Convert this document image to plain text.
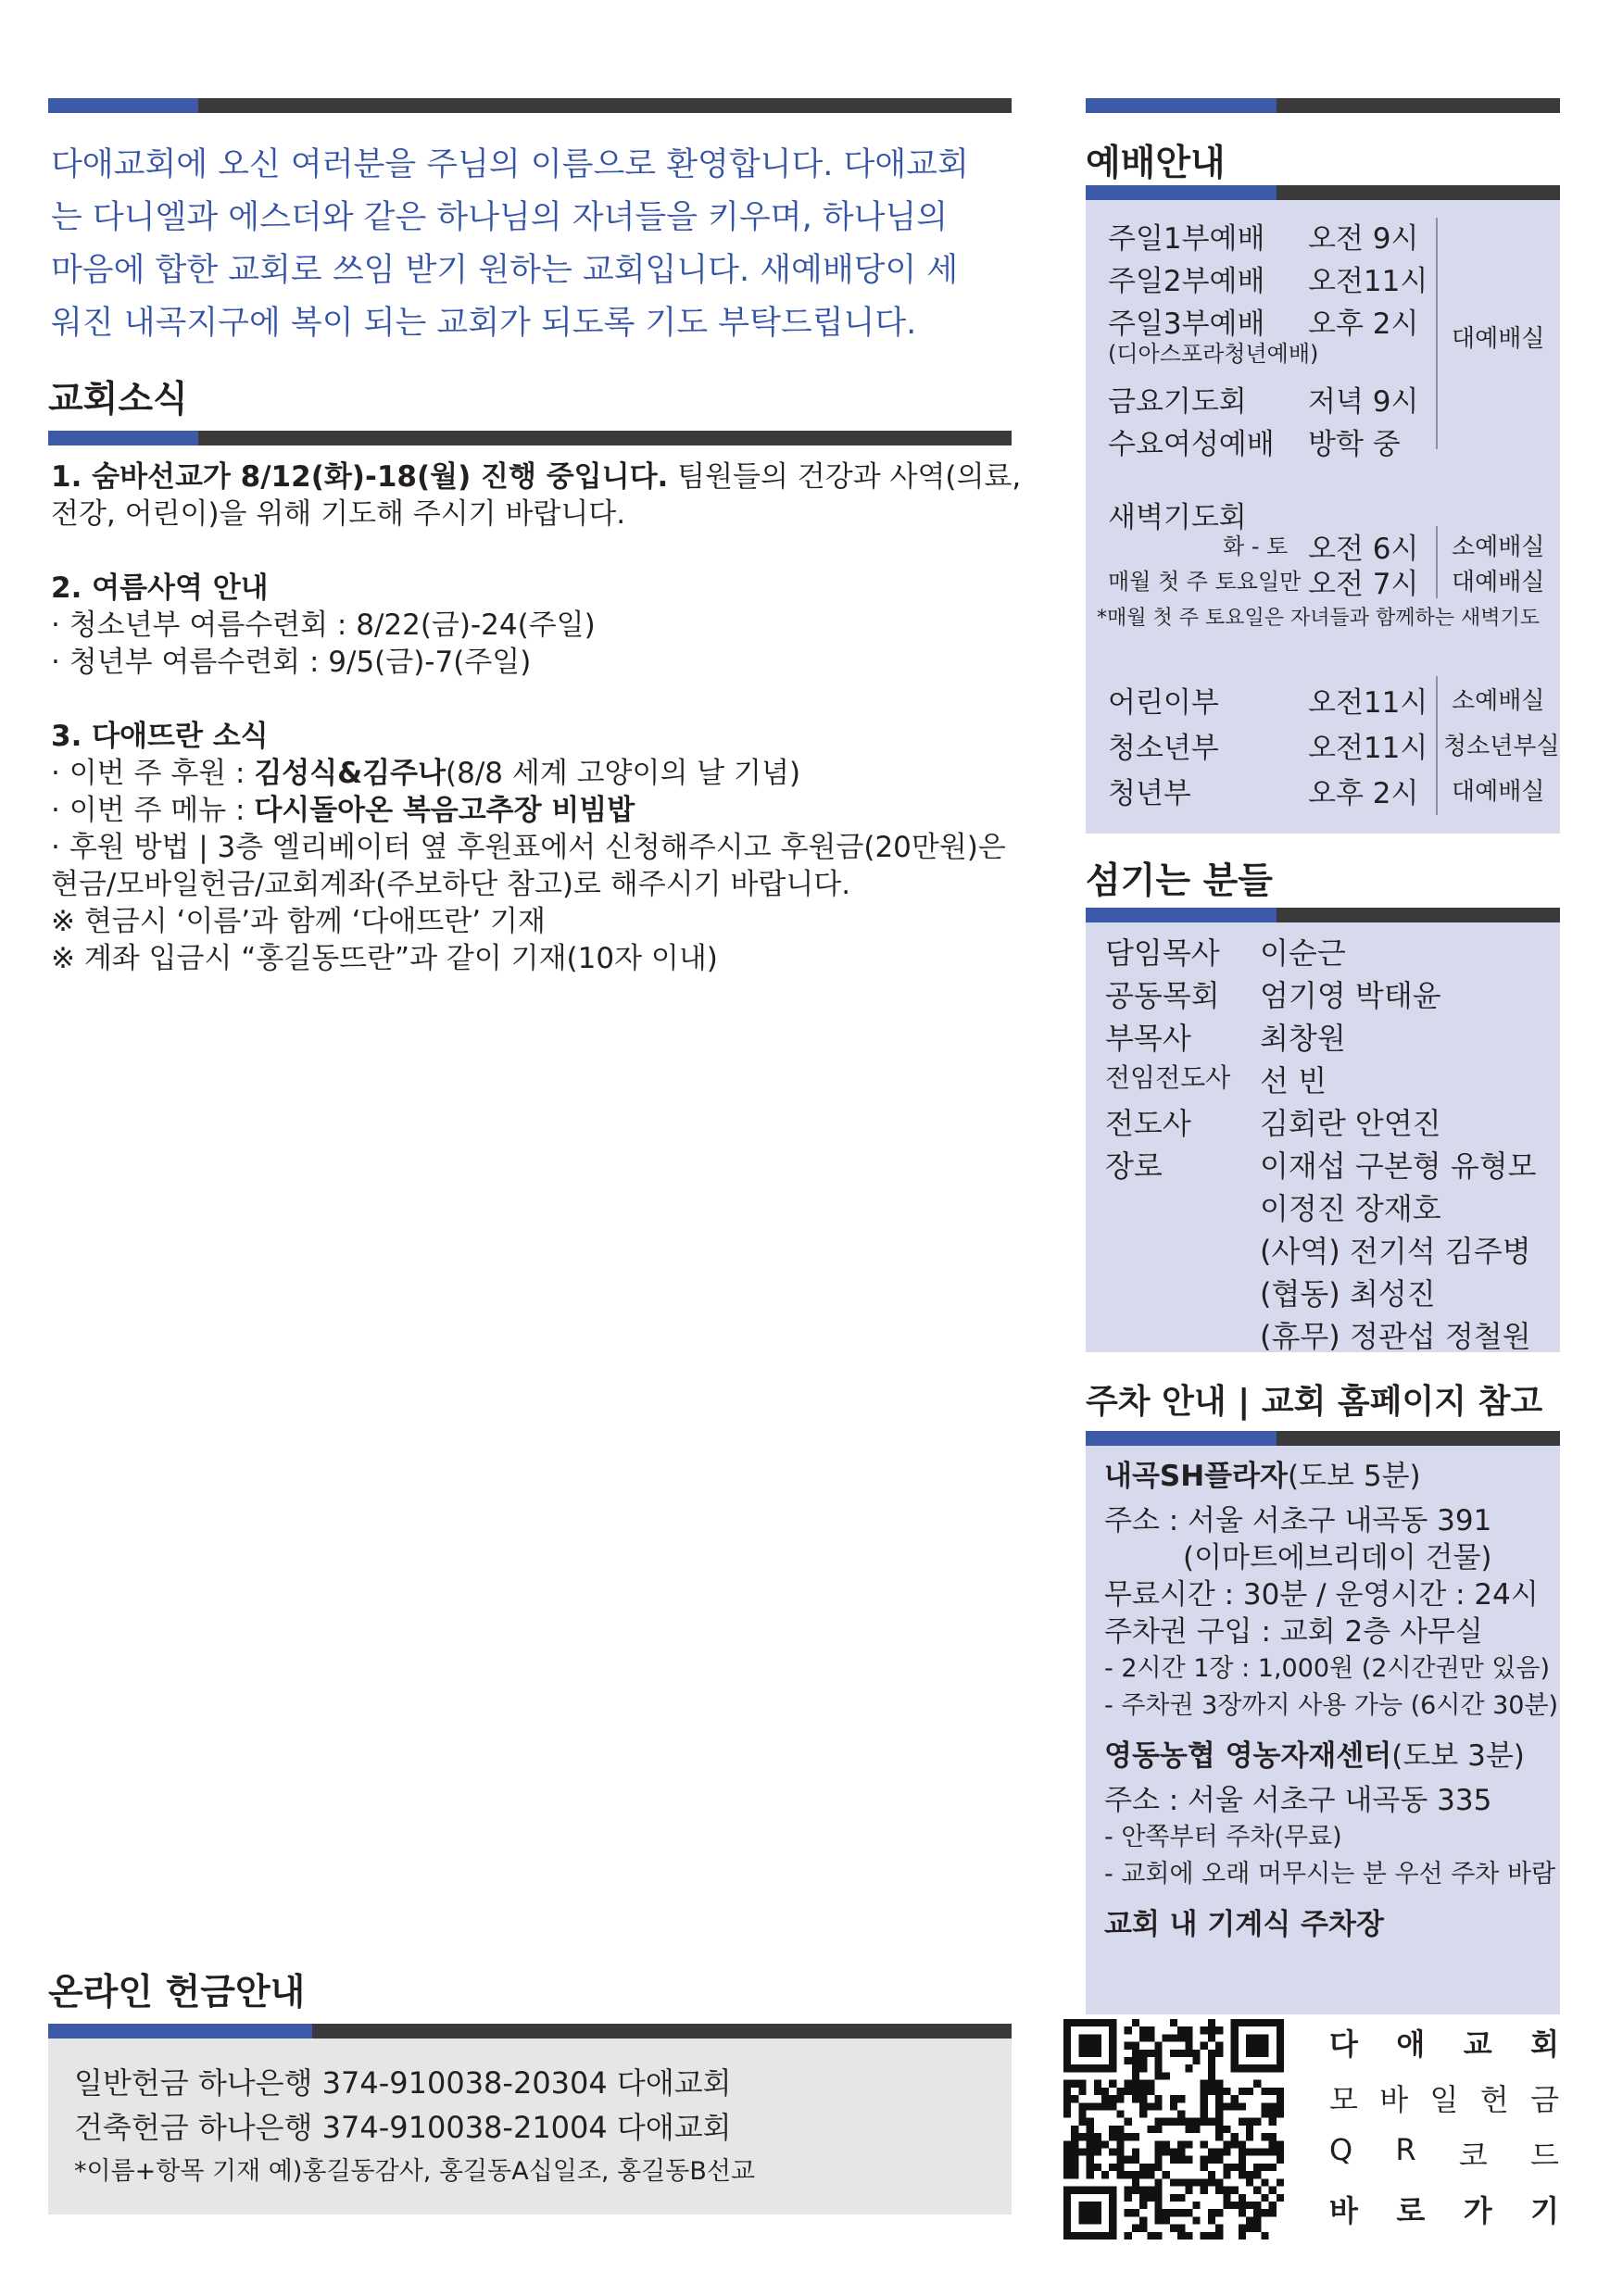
다애교회에 오신 여러분을 주님의 이름으로 환영합니다. 다애교회
는 다니엘과 에스더와 같은 하나님의 자녀들을 키우며, 하나님의
마음에 합한 교회로 쓰임 받기 원하는 교회입니다. 새예배당이 세
워진 내곡지구에 복이 되는 교회가 되도록 기도 부탁드립니다.
교회소식
1. 숨바선교가 8/12(화)-18(월) 진행 중입니다. 팀원들의 건강과 사역(의료,
전강, 어린이)을 위해 기도해 주시기 바랍니다.
2. 여름사역 안내
· 청소년부 여름수련회 : 8/22(금)-24(주일)
· 청년부 여름수련회 : 9/5(금)-7(주일)
3. 다애뜨란 소식
· 이번 주 후원 : 김성식&김주나(8/8 세계 고양이의 날 기념)
· 이번 주 메뉴 : 다시돌아온 복음고추장 비빔밥
· 후원 방법 | 3층 엘리베이터 옆 후원표에서 신청해주시고 후원금(20만원)은
현금/모바일헌금/교회계좌(주보하단 참고)로 해주시기 바랍니다.
※ 현금시 ‘이름’과 함께 ‘다애뜨란’ 기재
※ 계좌 입금시 “홍길동뜨란”과 같이 기재(10자 이내)
온라인 헌금안내
일반헌금 하나은행 374-910038-20304 다애교회
건축헌금 하나은행 374-910038-21004 다애교회
*이름+항목 기재 예)홍길동감사, 홍길동A십일조, 홍길동B선교
예배안내
주일1부예배	오전 9시
주일2부예배	오전11시
주일3부예배	오후 2시
(디아스포라청년예배)
금요기도회	저녁 9시
수요여성예배	방학 중
대예배실
새벽기도회
화 - 토 오전 6시 소예배실
매월 첫 주 토요일만 오전 7시 대예배실
*매월 첫 주 토요일은 자녀들과 함께하는 새벽기도
어린이부	오전11시 소예배실
청소년부	오전11시 청소년부실
청년부	오후 2시 대예배실
섬기는 분들
담임목사	이순근
공동목회	엄기영 박태윤
부목사	최창원
전임전도사 선 빈
전도사	김회란 안연진
장로	이재섭 구본형 유형모
이정진 장재호
(사역) 전기석 김주병
(협동) 최성진
(휴무) 정관섭 정철원
주차 안내 | 교회 홈페이지 참고
내곡SH플라자(도보 5분)
주소 : 서울 서초구 내곡동 391
(이마트에브리데이 건물)
무료시간 : 30분 / 운영시간 : 24시
주차권 구입 : 교회 2층 사무실
- 2시간 1장 : 1,000원 (2시간권만 있음)
- 주차권 3장까지 사용 가능 (6시간 30분)
영동농협 영농자재센터(도보 3분)
주소 : 서울 서초구 내곡동 335
- 안쪽부터 주차(무료)
- 교회에 오래 머무시는 분 우선 주차 바람
교회 내 기계식 주차장
다 애 교 회
모 바 일 헌 금
Q R 코 드
바 로 가 기
